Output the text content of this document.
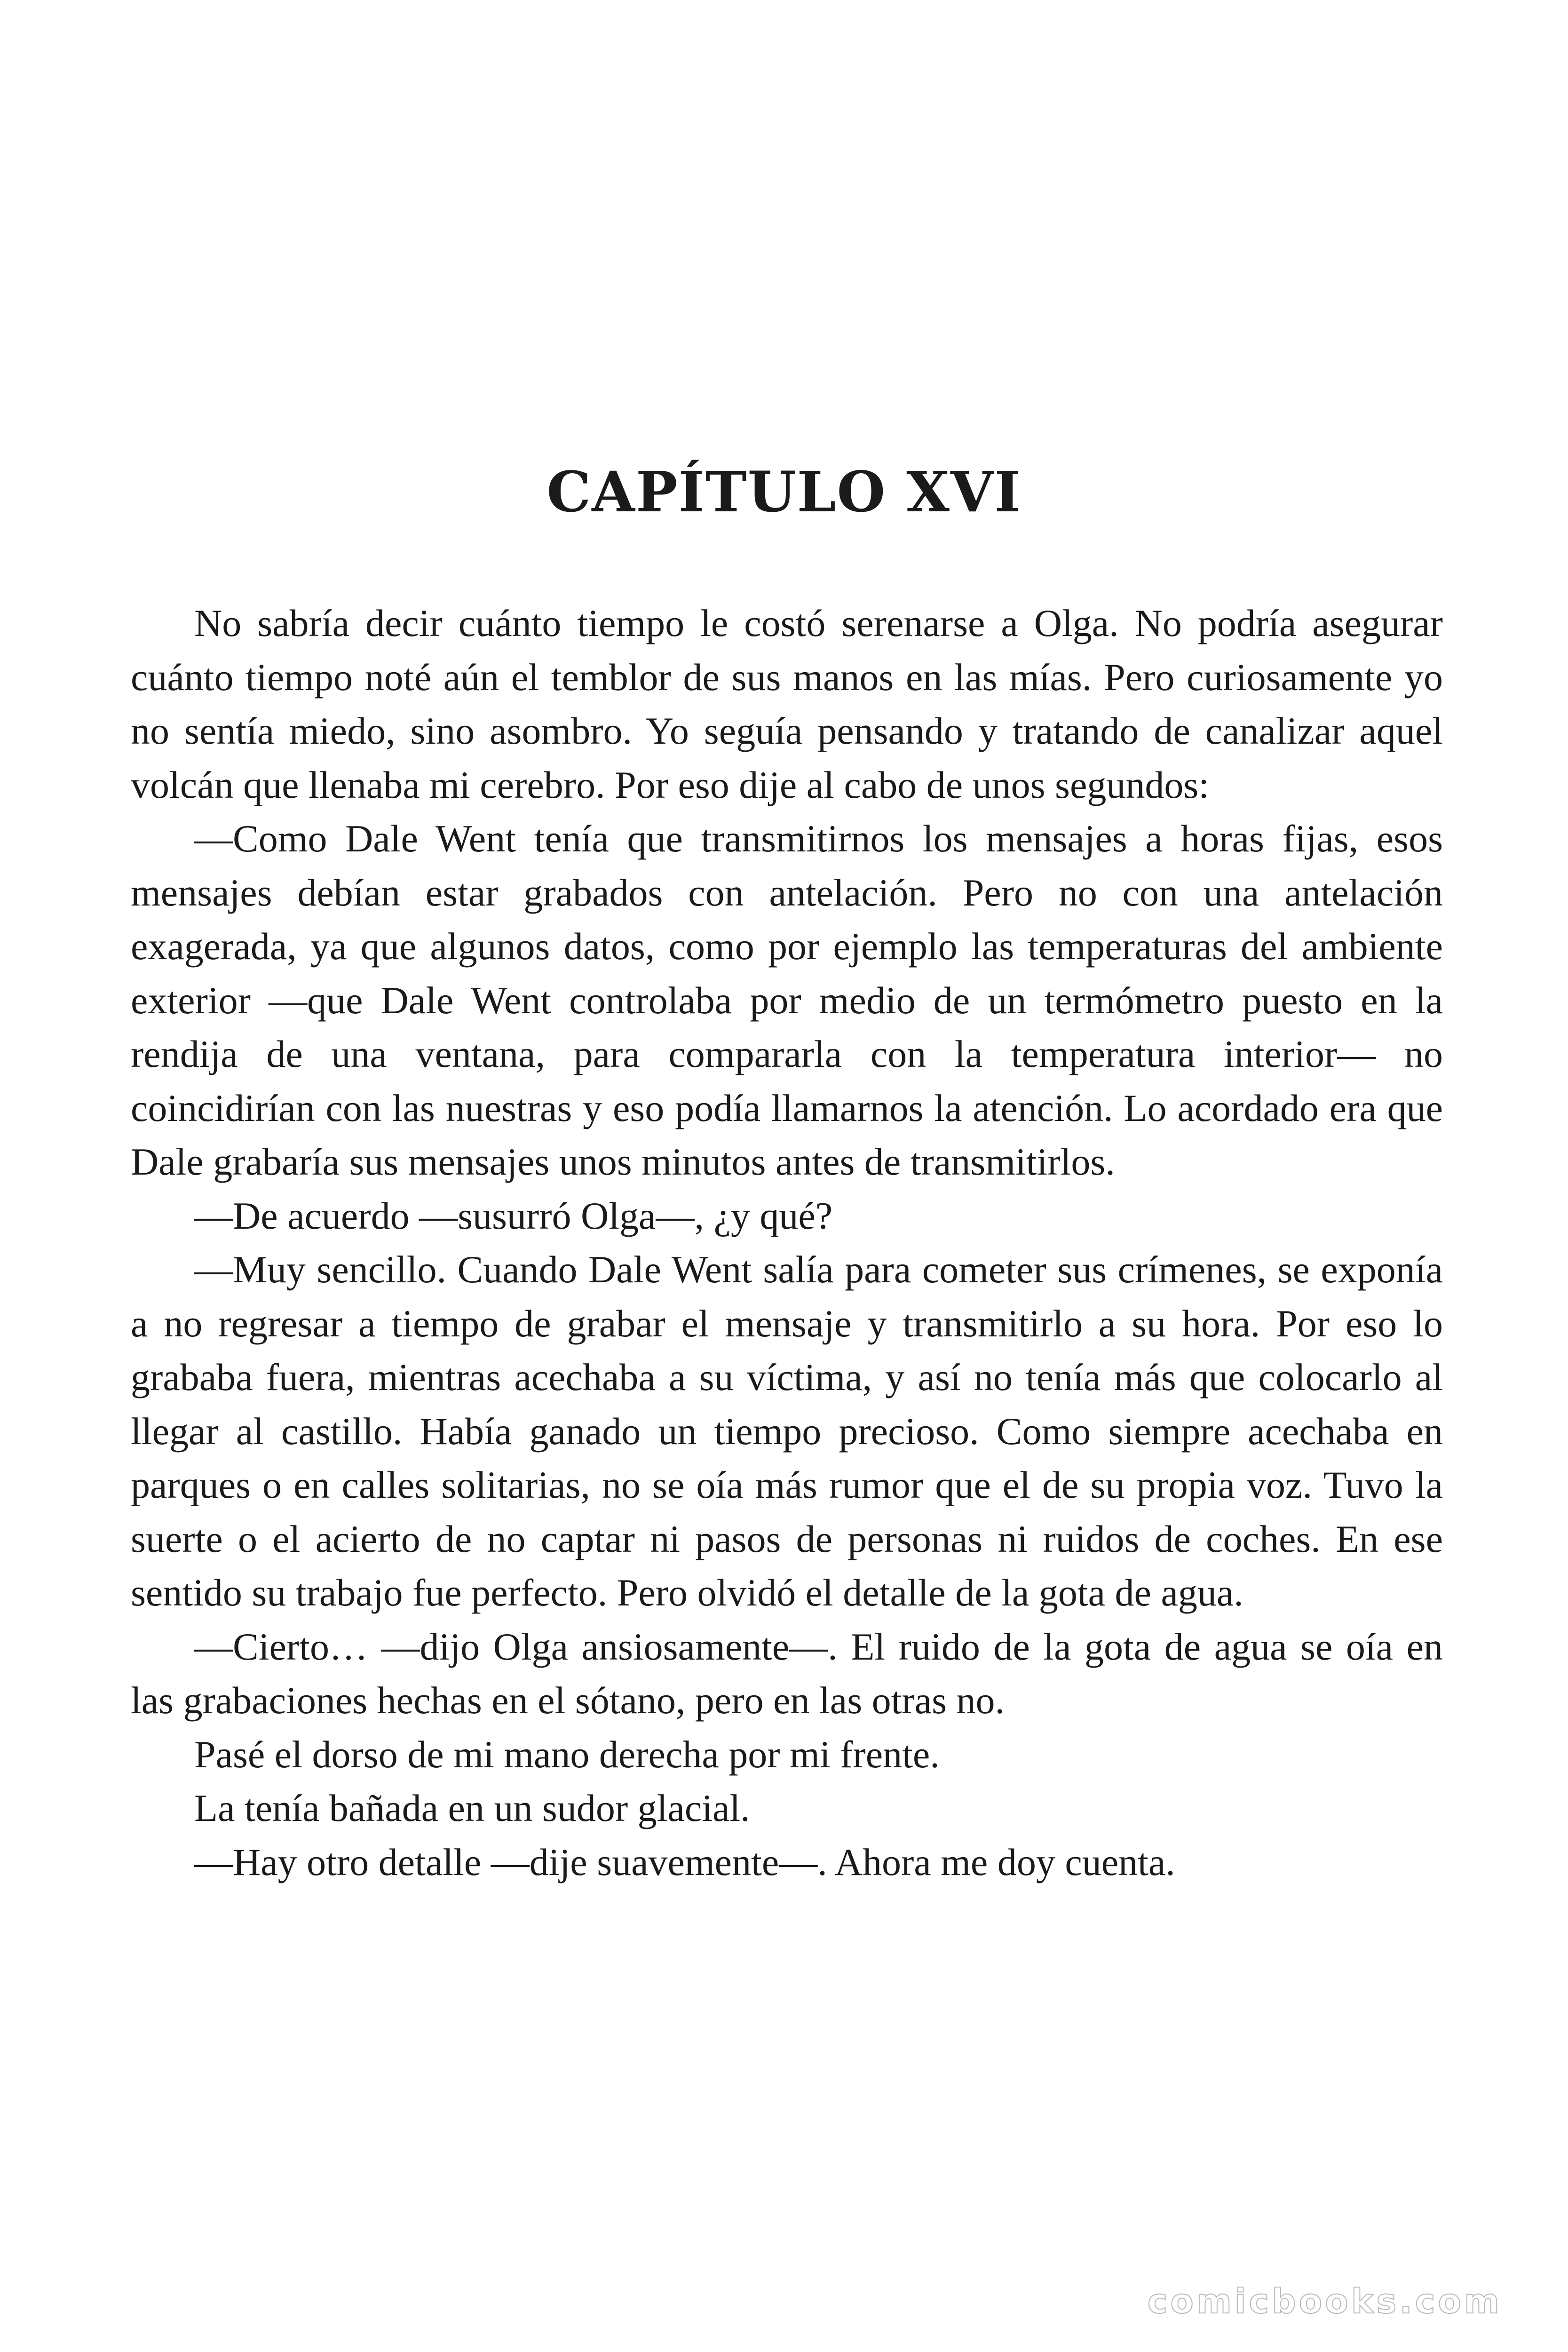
CAPÍTULO XVI

No sabría decir cuánto tiempo le costó serenarse a Olga. No podría asegurar cuánto tiempo noté aún el temblor de sus manos en las mías. Pero curiosamente yo no sentía miedo, sino asombro. Yo seguía pensando y tratando de canalizar aquel volcán que llenaba mi cerebro. Por eso dije al cabo de unos segundos:

—Como Dale Went tenía que transmitirnos los mensajes a horas fijas, esos mensajes debían estar grabados con antelación. Pero no con una antelación exagerada, ya que algunos datos, como por ejemplo las temperaturas del ambiente exterior —que Dale Went controlaba por medio de un termómetro puesto en la rendija de una ventana, para compararla con la temperatura interior— no coincidirían con las nuestras y eso podía llamarnos la atención. Lo acordado era que Dale grabaría sus mensajes unos minutos antes de transmitirlos.

—De acuerdo —susurró Olga—, ¿y qué?

—Muy sencillo. Cuando Dale Went salía para cometer sus crímenes, se exponía a no regresar a tiempo de grabar el mensaje y transmitirlo a su hora. Por eso lo grababa fuera, mientras acechaba a su víctima, y así no tenía más que colocarlo al llegar al castillo. Había ganado un tiempo precioso. Como siempre acechaba en parques o en calles solitarias, no se oía más rumor que el de su propia voz. Tuvo la suerte o el acierto de no captar ni pasos de personas ni ruidos de coches. En ese sentido su trabajo fue perfecto. Pero olvidó el detalle de la gota de agua.

—Cierto… —dijo Olga ansiosamente—. El ruido de la gota de agua se oía en las grabaciones hechas en el sótano, pero en las otras no.

Pasé el dorso de mi mano derecha por mi frente.

La tenía bañada en un sudor glacial.

—Hay otro detalle —dije suavemente—. Ahora me doy cuenta.

comicbooks.com
